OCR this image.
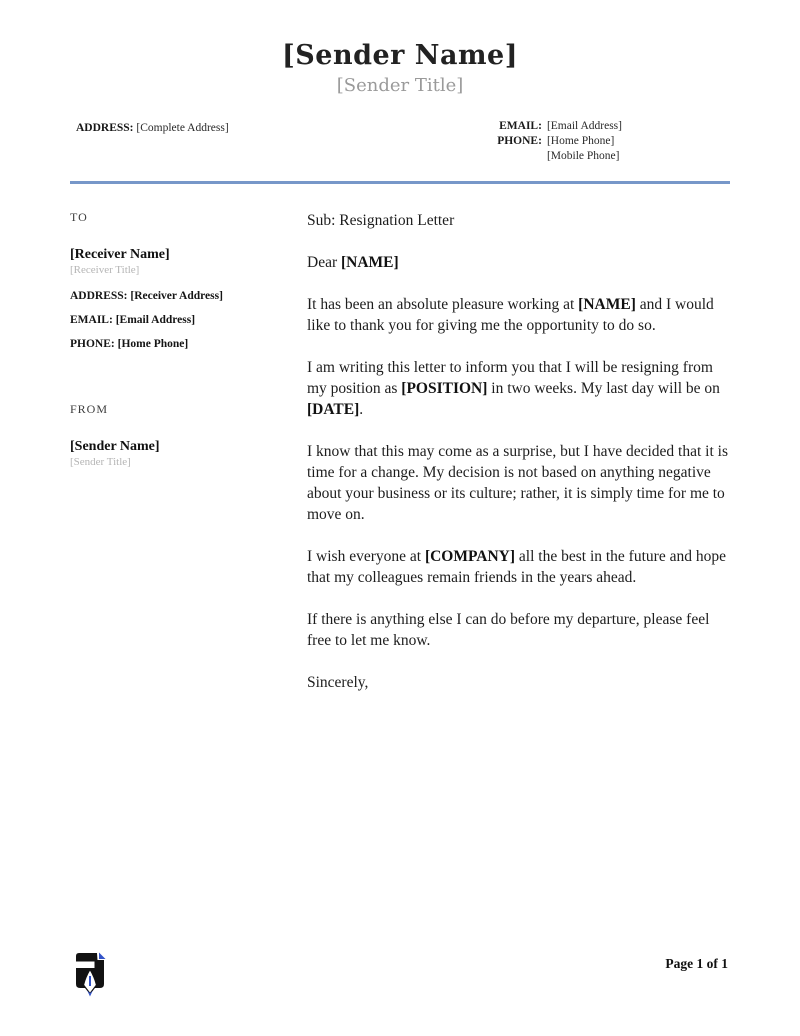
[Sender Name]
[Sender Title]
ADDRESS: [Complete Address]	EMAIL: [Email Address]
PHONE: [Home Phone]
[Mobile Phone]
TO
[Receiver Name]
[Receiver Title]
ADDRESS: [Receiver Address]
EMAIL: [Email Address]
PHONE: [Home Phone]
FROM
[Sender Name]
[Sender Title]
Sub: Resignation Letter
Dear [NAME]
It has been an absolute pleasure working at [NAME] and I would like to thank you for giving me the opportunity to do so.
I am writing this letter to inform you that I will be resigning from my position as [POSITION] in two weeks. My last day will be on [DATE].
I know that this may come as a surprise, but I have decided that it is time for a change. My decision is not based on anything negative about your business or its culture; rather, it is simply time for me to move on.
I wish everyone at [COMPANY] all the best in the future and hope that my colleagues remain friends in the years ahead.
If there is anything else I can do before my departure, please feel free to let me know.
Sincerely,
Page 1 of 1
